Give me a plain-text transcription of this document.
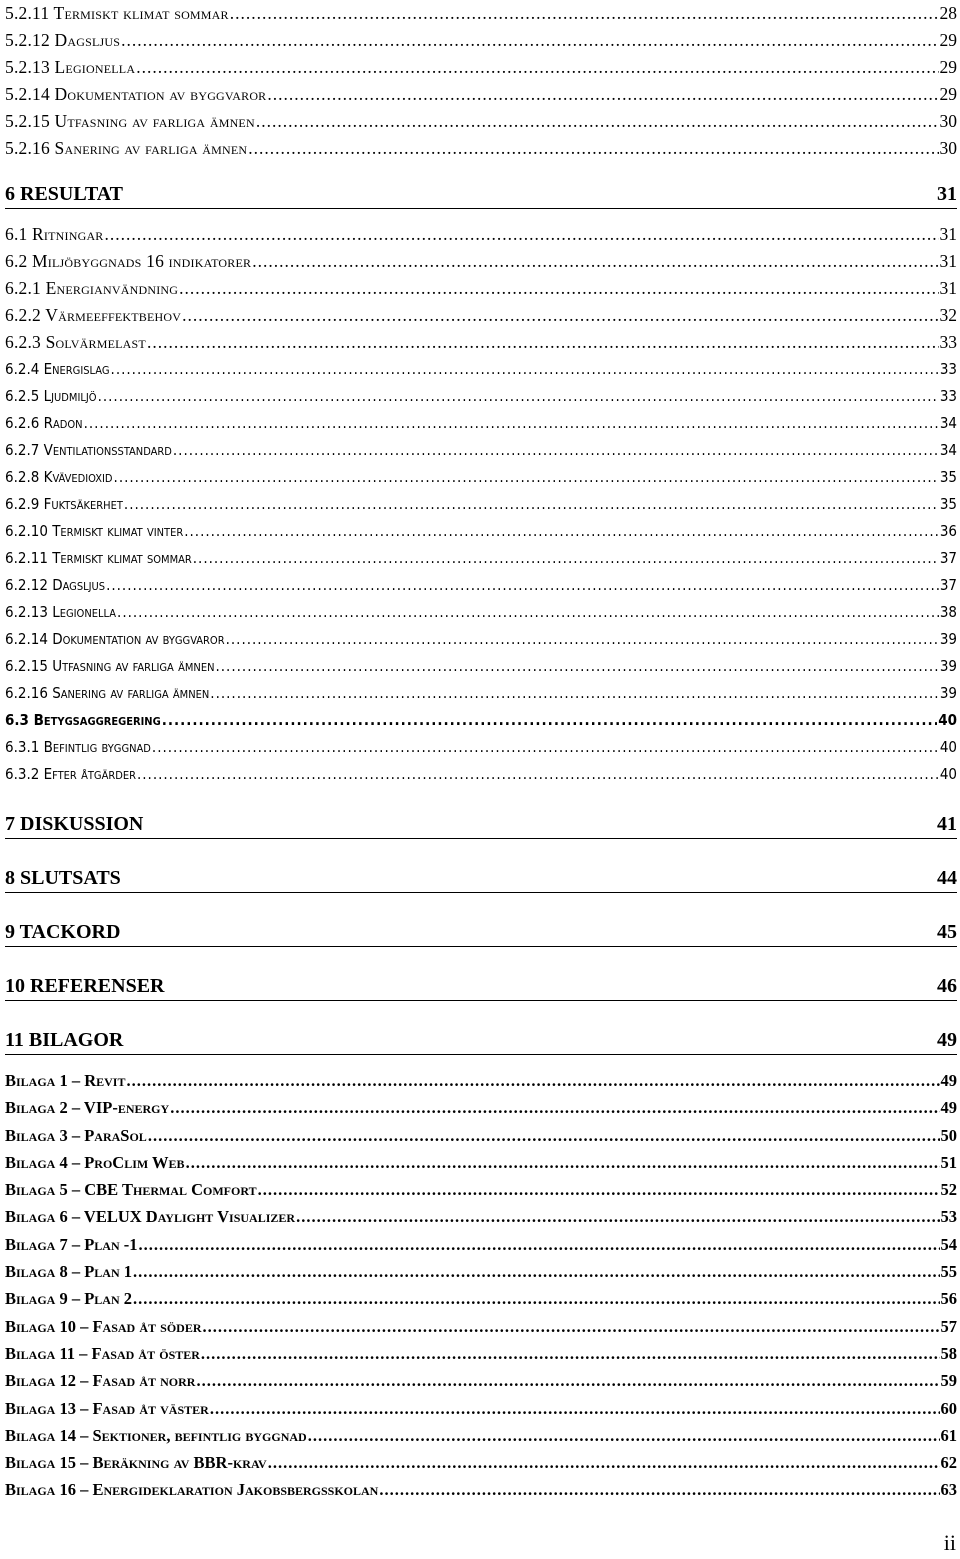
5.2.11 Termiskt klimat sommar .....	28
5.2.12 Dagsljus .....	29
5.2.13 Legionella .....	29
5.2.14 Dokumentation av byggvaror .....	29
5.2.15 Utfasning av farliga ämnen .....	30
5.2.16 Sanering av farliga ämnen .....	30
6 RESULTAT	31
6.1 Ritningar .....	31
6.2 Miljöbyggnads 16 indikatorer .....	31
6.2.1 Energianvändning .....	31
6.2.2 Värmeeffektbehov .....	32
6.2.3 Solvärmelast .....	33
6.2.4 Energislag .....	33
6.2.5 Ljudmiljö .....	33
6.2.6 Radon .....	34
6.2.7 Ventilationsstandard .....	34
6.2.8 Kvävedioxid .....	35
6.2.9 Fuktsäkerhet .....	35
6.2.10 Termiskt klimat vinter .....	36
6.2.11 Termiskt klimat sommar .....	37
6.2.12 Dagsljus .....	37
6.2.13 Legionella .....	38
6.2.14 Dokumentation av byggvaror .....	39
6.2.15 Utfasning av farliga ämnen .....	39
6.2.16 Sanering av farliga ämnen .....	39
6.3 Betygsaggregering .....	40
6.3.1 Befintlig byggnad .....	40
6.3.2 Efter åtgärder .....	40
7 DISKUSSION	41
8 SLUTSATS	44
9 TACKORD	45
10 REFERENSER	46
11 BILAGOR	49
Bilaga 1 – Revit .....	49
Bilaga 2 – VIP-energy .....	49
Bilaga 3 – ParaSol .....	50
Bilaga 4 – ProClim Web .....	51
Bilaga 5 – CBE Thermal Comfort .....	52
Bilaga 6 – VELUX Daylight Visualizer .....	53
Bilaga 7 – Plan -1 .....	54
Bilaga 8 – Plan 1 .....	55
Bilaga 9 – Plan 2 .....	56
Bilaga 10 – Fasad åt söder .....	57
Bilaga 11 – Fasad åt öster .....	58
Bilaga 12 – Fasad åt norr .....	59
Bilaga 13 – Fasad åt väster .....	60
Bilaga 14 – Sektioner, befintlig byggnad .....	61
Bilaga 15 – Beräkning av BBR-krav .....	62
Bilaga 16 – Energideklaration Jakobsbergsskolan .....	63
ii
